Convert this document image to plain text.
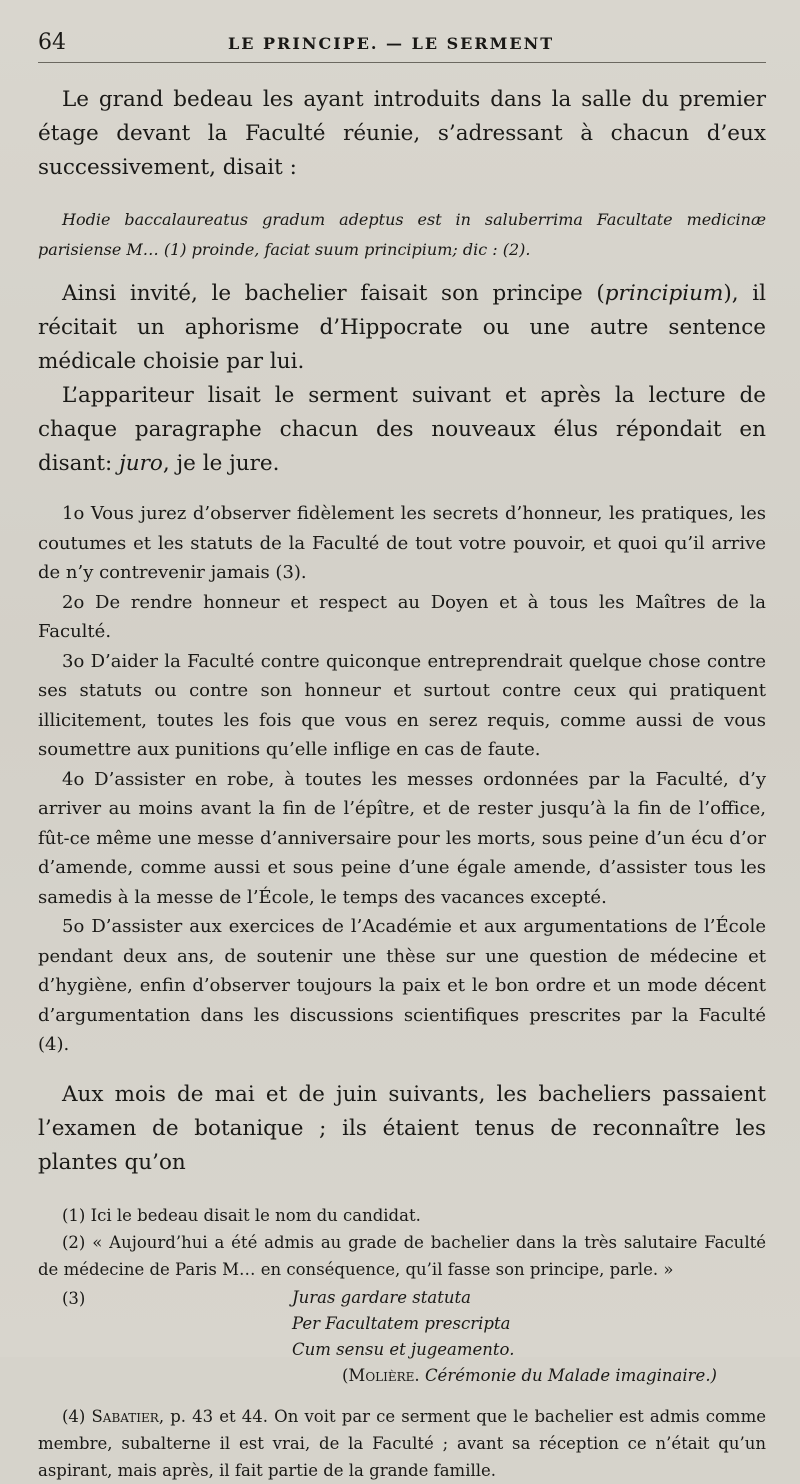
64	LE PRINCIPE. — LE SERMENT

Le grand bedeau les ayant introduits dans la salle du premier étage devant la Faculté réunie, s’adressant à chacun d’eux successivement, disait :

Hodie baccalaureatus gradum adeptus est in saluberrima Facultate medicinæ parisiense M… (1) proinde, faciat suum principium; dic : (2).

Ainsi invité, le bachelier faisait son principe (principium), il récitait un aphorisme d’Hippocrate ou une autre sentence médicale choisie par lui.

L’appariteur lisait le serment suivant et après la lecture de chaque paragraphe chacun des nouveaux élus répondait en disant: juro, je le jure.

1o Vous jurez d’observer fidèlement les secrets d’honneur, les pratiques, les coutumes et les statuts de la Faculté de tout votre pouvoir, et quoi qu’il arrive de n’y contrevenir jamais (3).

2o De rendre honneur et respect au Doyen et à tous les Maîtres de la Faculté.

3o D’aider la Faculté contre quiconque entreprendrait quelque chose contre ses statuts ou contre son honneur et surtout contre ceux qui pratiquent illicitement, toutes les fois que vous en serez requis, comme aussi de vous soumettre aux punitions qu’elle inflige en cas de faute.

4o D’assister en robe, à toutes les messes ordonnées par la Faculté, d’y arriver au moins avant la fin de l’épître, et de rester jusqu’à la fin de l’office, fût-ce même une messe d’anniversaire pour les morts, sous peine d’un écu d’or d’amende, comme aussi et sous peine d’une égale amende, d’assister tous les samedis à la messe de l’École, le temps des vacances excepté.

5o D’assister aux exercices de l’Académie et aux argumentations de l’École pendant deux ans, de soutenir une thèse sur une question de médecine et d’hygiène, enfin d’observer toujours la paix et le bon ordre et un mode décent d’argumentation dans les discussions scientifiques prescrites par la Faculté (4).

Aux mois de mai et de juin suivants, les bacheliers passaient l’examen de botanique ; ils étaient tenus de reconnaître les plantes qu’on

(1) Ici le bedeau disait le nom du candidat.

(2) « Aujourd’hui a été admis au grade de bachelier dans la très salutaire Faculté de médecine de Paris M… en conséquence, qu’il fasse son principe, parle. »

(3)	Juras gardare statuta
Per Facultatem prescripta
Cum sensu et jugeamento.
(Molière. Cérémonie du Malade imaginaire.)

(4) Sabatier, p. 43 et 44. On voit par ce serment que le bachelier est admis comme membre, subalterne il est vrai, de la Faculté ; avant sa réception ce n’était qu’un aspirant, mais après, il fait partie de la grande famille.
